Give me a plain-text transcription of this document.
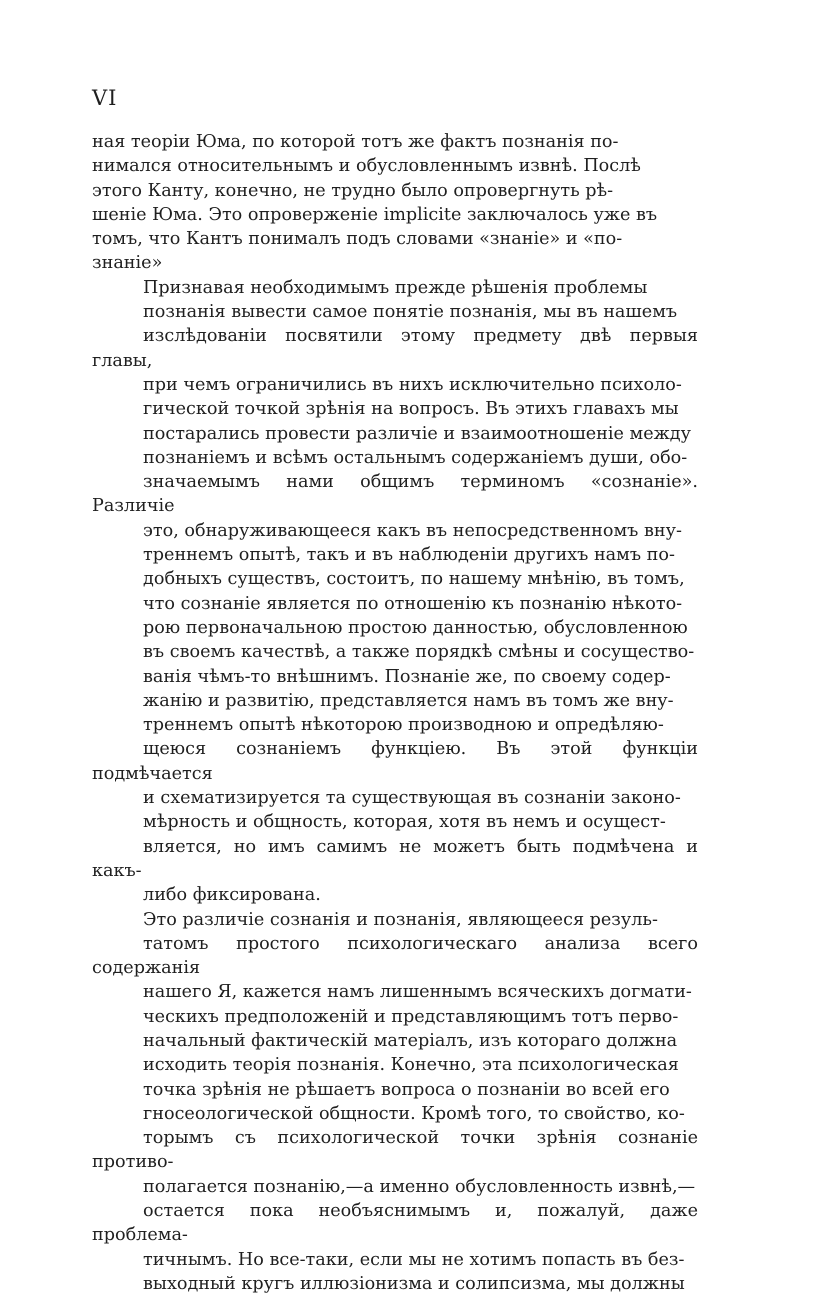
VI

ная теоріи Юма, по которой тотъ же фактъ познанія по-
нимался относительнымъ и обусловленнымъ извнѣ. Послѣ
этого Канту, конечно, не трудно было опровергнуть рѣ-
шеніе Юма. Это опроверженіе implicite заключалось уже въ
томъ, что Кантъ понималъ подъ словами «знаніе» и «по-
знаніе»

Признавая необходимымъ прежде рѣшенія проблемы
познанія вывести самое понятіе познанія, мы въ нашемъ
изслѣдованіи посвятили этому предмету двѣ первыя главы,
при чемъ ограничились въ нихъ исключительно психоло-
гической точкой зрѣнія на вопросъ. Въ этихъ главахъ мы
постарались провести различіе и взаимоотношеніе между
познаніемъ и всѣмъ остальнымъ содержаніемъ души, обо-
значаемымъ нами общимъ терминомъ «сознаніе». Различіе
это, обнаруживающееся какъ въ непосредственномъ вну-
треннемъ опытѣ, такъ и въ наблюденіи другихъ намъ по-
добныхъ существъ, состоитъ, по нашему мнѣнію, въ томъ,
что сознаніе является по отношенію къ познанію нѣкото-
рою первоначальною простою данностью, обусловленною
въ своемъ качествѣ, а также порядкѣ смѣны и сосущество-
ванія чѣмъ-то внѣшнимъ. Познаніе же, по своему содер-
жанію и развитію, представляется намъ въ томъ же вну-
треннемъ опытѣ нѣкоторою производною и опредѣляю-
щеюся сознаніемъ функціею. Въ этой функціи подмѣчается
и схематизируется та существующая въ сознаніи законо-
мѣрность и общность, которая, хотя въ немъ и осущест-
вляется, но имъ самимъ не можетъ быть подмѣчена и какъ-
либо фиксирована.

Это различіе сознанія и познанія, являющееся резуль-
татомъ простого психологическаго анализа всего содержанія
нашего Я, кажется намъ лишеннымъ всяческихъ догмати-
ческихъ предположеній и представляющимъ тотъ перво-
начальный фактическій матеріалъ, изъ котораго должна
исходить теорія познанія. Конечно, эта психологическая
точка зрѣнія не рѣшаетъ вопроса о познаніи во всей его
гносеологической общности. Кромѣ того, то свойство, ко-
торымъ съ психологической точки зрѣнія сознаніе противо-
полагается познанію,—а именно обусловленность извнѣ,—
остается пока необъяснимымъ и, пожалуй, даже проблема-
тичнымъ. Но все-таки, если мы не хотимъ попасть въ без-
выходный кругъ иллюзіонизма и солипсизма, мы должны
